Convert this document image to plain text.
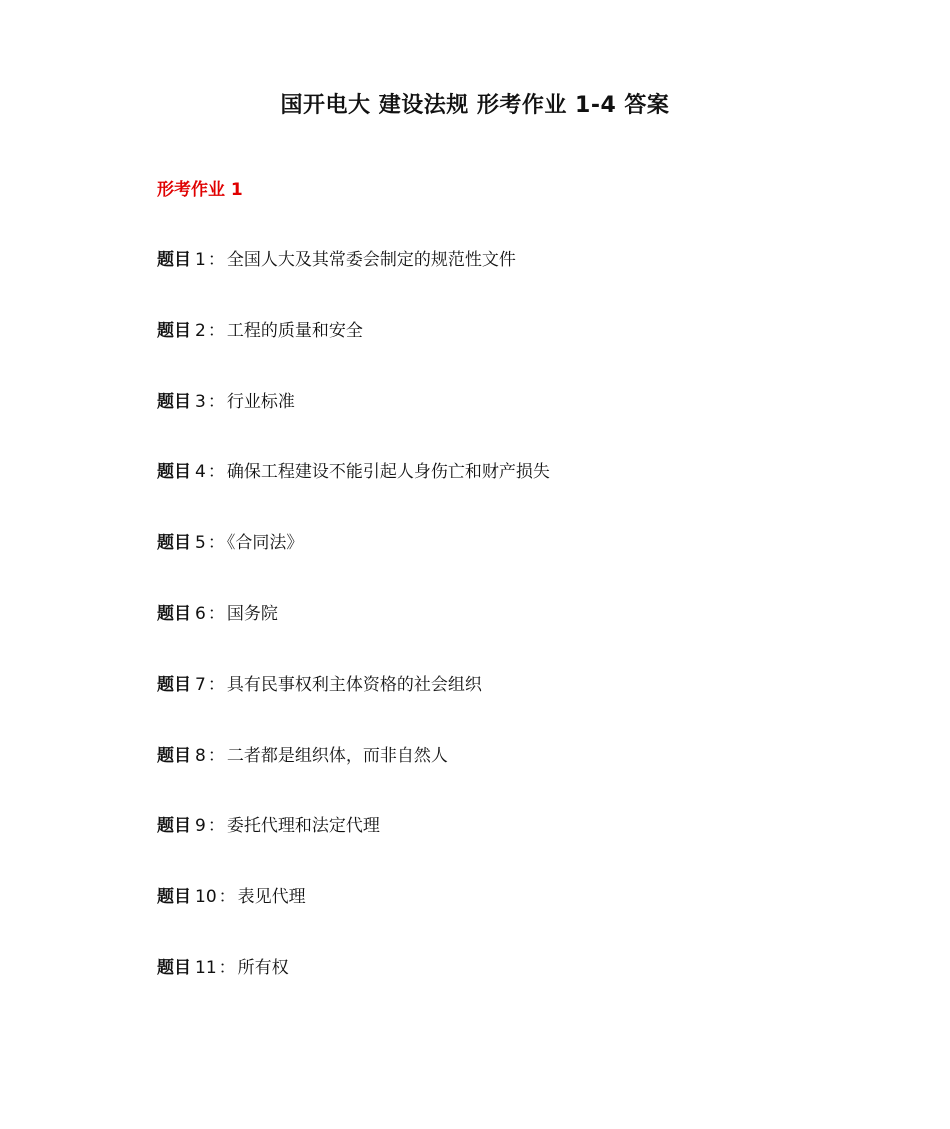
国开电大 建设法规 形考作业 1-4 答案
形考作业 1
题目 1 ： 全国人大及其常委会制定的规范性文件
题目 2 ： 工程的质量和安全
题目 3 ： 行业标准
题目 4 ： 确保工程建设不能引起人身伤亡和财产损失
题目 5 ： 《合同法》
题目 6 ： 国务院
题目 7 ： 具有民事权利主体资格的社会组织
题目 8 ： 二者都是组织体，而非自然人
题目 9 ： 委托代理和法定代理
题目 10 ： 表见代理
题目 11 ： 所有权
